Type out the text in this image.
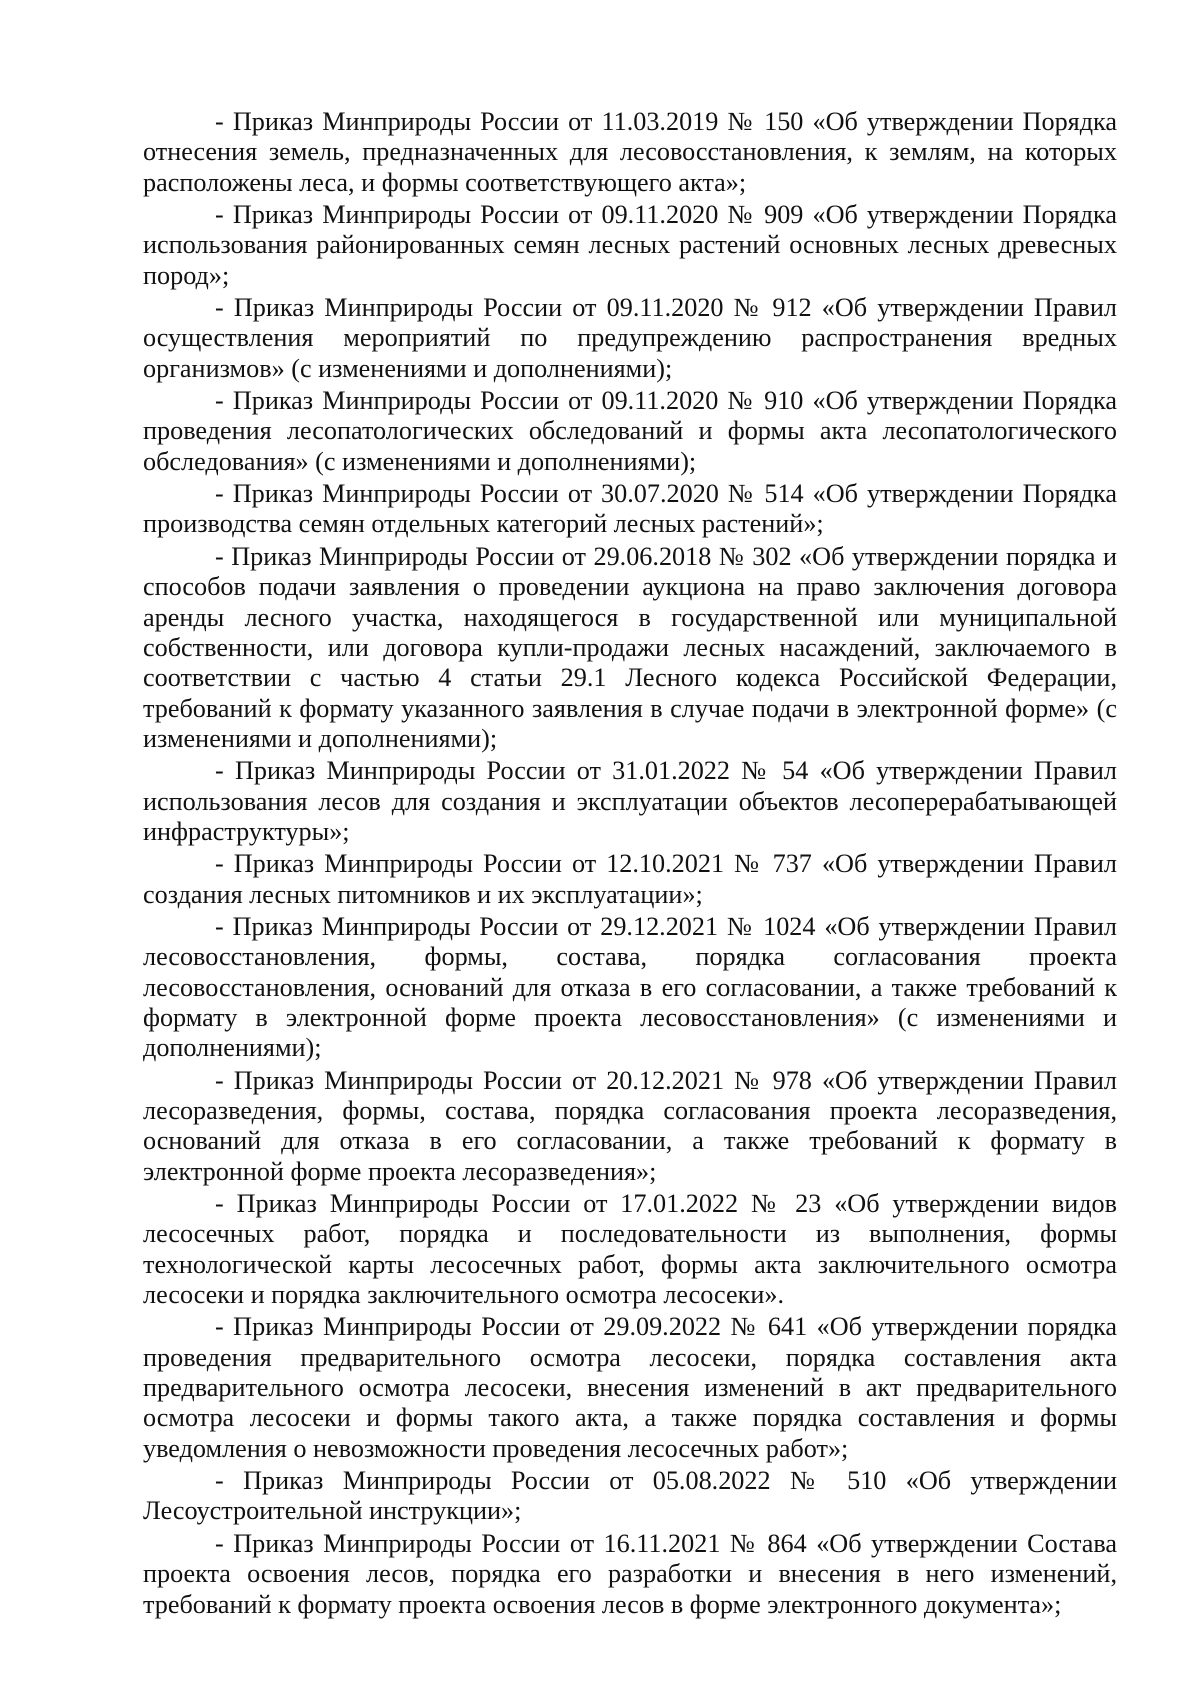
- Приказ Минприроды России от 11.03.2019 № 150 «Об утверждении Порядка отнесения земель, предназначенных для лесовосстановления, к землям, на которых расположены леса, и формы соответствующего акта»;

- Приказ Минприроды России от 09.11.2020 № 909 «Об утверждении Порядка использования районированных семян лесных растений основных лесных древесных пород»;

- Приказ Минприроды России от 09.11.2020 № 912 «Об утверждении Правил осуществления мероприятий по предупреждению распространения вредных организмов» (с изменениями и дополнениями);

- Приказ Минприроды России от 09.11.2020 № 910 «Об утверждении Порядка проведения лесопатологических обследований и формы акта лесопатологического обследования» (с изменениями и дополнениями);

- Приказ Минприроды России от 30.07.2020 № 514 «Об утверждении Порядка производства семян отдельных категорий лесных растений»;

- Приказ Минприроды России от 29.06.2018 № 302 «Об утверждении порядка и способов подачи заявления о проведении аукциона на право заключения договора аренды лесного участка, находящегося в государственной или муниципальной собственности, или договора купли-продажи лесных насаждений, заключаемого в соответствии с частью 4 статьи 29.1 Лесного кодекса Российской Федерации, требований к формату указанного заявления в случае подачи в электронной форме» (с изменениями и дополнениями);

- Приказ Минприроды России от 31.01.2022 № 54 «Об утверждении Правил использования лесов для создания и эксплуатации объектов лесоперерабатывающей инфраструктуры»;

- Приказ Минприроды России от 12.10.2021 № 737 «Об утверждении Правил создания лесных питомников и их эксплуатации»;

- Приказ Минприроды России от 29.12.2021 № 1024 «Об утверждении Правил лесовосстановления, формы, состава, порядка согласования проекта лесовосстановления, оснований для отказа в его согласовании, а также требований к формату в электронной форме проекта лесовосстановления» (с изменениями и дополнениями);

- Приказ Минприроды России от 20.12.2021 № 978 «Об утверждении Правил лесоразведения, формы, состава, порядка согласования проекта лесоразведения, оснований для отказа в его согласовании, а также требований к формату в электронной форме проекта лесоразведения»;

- Приказ Минприроды России от 17.01.2022 № 23 «Об утверждении видов лесосечных работ, порядка и последовательности из выполнения, формы технологической карты лесосечных работ, формы акта заключительного осмотра лесосеки и порядка заключительного осмотра лесосеки».

- Приказ Минприроды России от 29.09.2022 № 641 «Об утверждении порядка проведения предварительного осмотра лесосеки, порядка составления акта предварительного осмотра лесосеки, внесения изменений в акт предварительного осмотра лесосеки и формы такого акта, а также порядка составления и формы уведомления о невозможности проведения лесосечных работ»;

- Приказ Минприроды России от 05.08.2022 № 510 «Об утверждении Лесоустроительной инструкции»;

- Приказ Минприроды России от 16.11.2021 № 864 «Об утверждении Состава проекта освоения лесов, порядка его разработки и внесения в него изменений, требований к формату проекта освоения лесов в форме электронного документа»;
